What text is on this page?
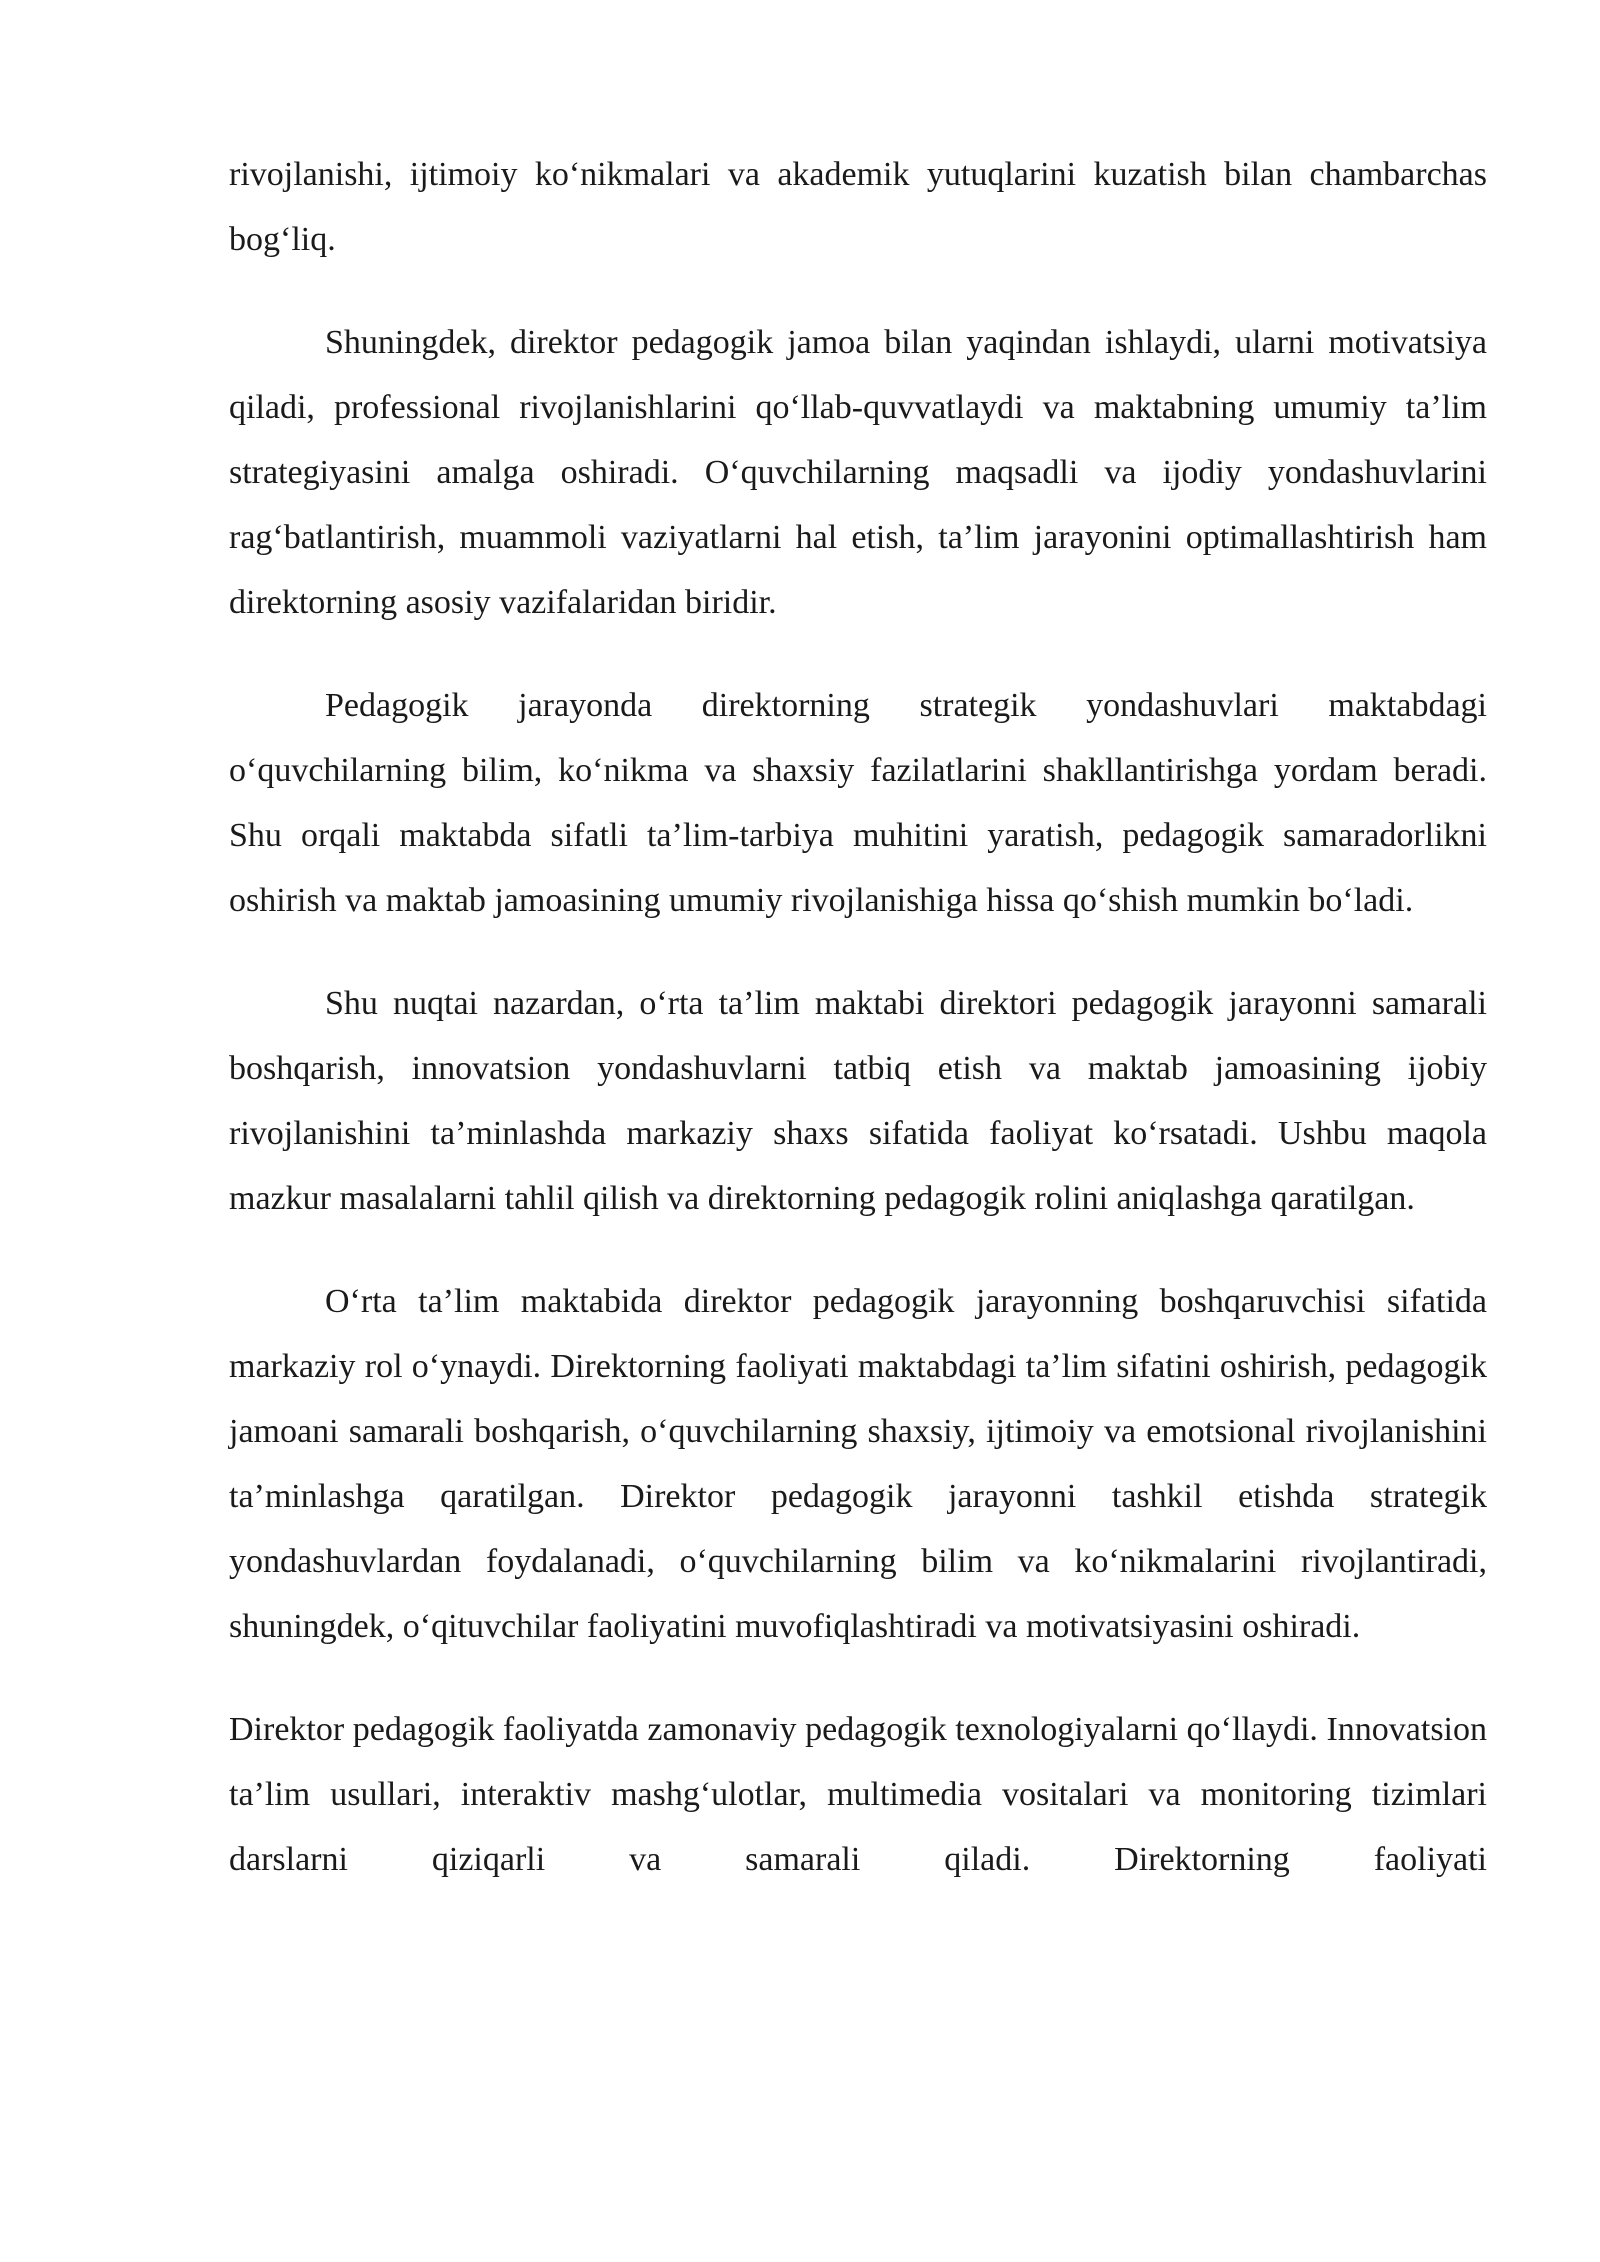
rivojlanishi, ijtimoiy ko‘nikmalari va akademik yutuqlarini kuzatish bilan chambarchas bog‘liq.

Shuningdek, direktor pedagogik jamoa bilan yaqindan ishlaydi, ularni motivatsiya qiladi, professional rivojlanishlarini qo‘llab-quvvatlaydi va maktabning umumiy ta’lim strategiyasini amalga oshiradi. O‘quvchilarning maqsadli va ijodiy yondashuvlarini rag‘batlantirish, muammoli vaziyatlarni hal etish, ta’lim jarayonini optimallashtirish ham direktorning asosiy vazifalaridan biridir.

Pedagogik jarayonda direktorning strategik yondashuvlari maktabdagi o‘quvchilarning bilim, ko‘nikma va shaxsiy fazilatlarini shakllantirishga yordam beradi. Shu orqali maktabda sifatli ta’lim-tarbiya muhitini yaratish, pedagogik samaradorlikni oshirish va maktab jamoasining umumiy rivojlanishiga hissa qo‘shish mumkin bo‘ladi.

Shu nuqtai nazardan, o‘rta ta’lim maktabi direktori pedagogik jarayonni samarali boshqarish, innovatsion yondashuvlarni tatbiq etish va maktab jamoasining ijobiy rivojlanishini ta’minlashda markaziy shaxs sifatida faoliyat ko‘rsatadi. Ushbu maqola mazkur masalalarni tahlil qilish va direktorning pedagogik rolini aniqlashga qaratilgan.

O‘rta ta’lim maktabida direktor pedagogik jarayonning boshqaruvchisi sifatida markaziy rol o‘ynaydi. Direktorning faoliyati maktabdagi ta’lim sifatini oshirish, pedagogik jamoani samarali boshqarish, o‘quvchilarning shaxsiy, ijtimoiy va emotsional rivojlanishini ta’minlashga qaratilgan. Direktor pedagogik jarayonni tashkil etishda strategik yondashuvlardan foydalanadi, o‘quvchilarning bilim va ko‘nikmalarini rivojlantiradi, shuningdek, o‘qituvchilar faoliyatini muvofiqlashtiradi va motivatsiyasini oshiradi.

Direktor pedagogik faoliyatda zamonaviy pedagogik texnologiyalarni qo‘llaydi. Innovatsion ta’lim usullari, interaktiv mashg‘ulotlar, multimedia vositalari va monitoring tizimlari darslarni qiziqarli va samarali qiladi. Direktorning faoliyati
